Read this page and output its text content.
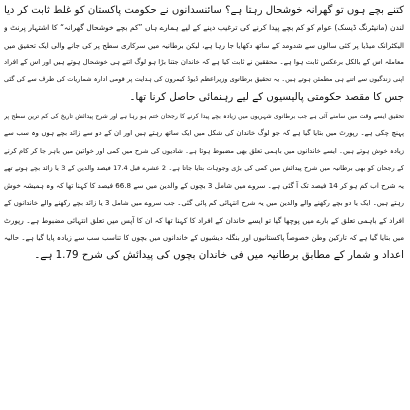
کتنے بچے ہوں تو گھرانہ خوشحال رہتا ہے؟ سائنسدانوں نے حکومت پاکستان کو غلط ثابت کر دیا
لندن (مانیٹرنگ ڈیسک) عوام کو کم بچے پیدا کرنے کی ترغیب دینے کے لیے ہمارے ہاں ”کم بچے خوشحال گھرانہ“ کا اشتہار پرنٹ و
الیکٹرانک میڈیا پر کئی سالوں سے شدومد کے ساتھ دکھایا جا رہا ہے، لیکن برطانیہ میں سرکاری سطح پر کی جانے والی ایک تحقیق میں
معاملہ اس کے بالکل برعکس ثابت ہوا ہے۔ محققین نے ثابت کیا ہے کہ خاندان جتنا بڑا ہو لوگ اتنے ہی خوشحال ہوتے ہیں اور اس کے افراد
اپنی زندگیوں سے اتنے ہی مطمئن ہوتے ہیں۔ یہ تحقیق برطانوی وزیراعظم ڈیوڈ کیمرون کی ہدایت پر قومی ادارہ شماریات کی طرف سے کی گئی
جس کا مقصد حکومتی پالیسیوں کے لیے رہنمائی حاصل کرنا تھا۔
تحقیق ایسے وقت میں سامنے آئی ہے جب برطانوی شہریوں میں زیادہ بچے پیدا کرنے کا رجحان ختم ہو رہا ہے اور شرح پیدائش تاریخ کی کم ترین سطح پر
پہنچ چکی ہے۔ رپورٹ میں بتایا گیا ہے کہ جو لوگ خاندان کی شکل میں ایک ساتھ رہتے ہیں اور ان کے دو سے زائد بچے ہوں وہ سب سے
زیادہ خوش ہوتے ہیں۔ ایسے خاندانوں میں باہمی تعلق بھی مضبوط ہوتا ہے۔ شادیوں کی شرح میں کمی اور خواتین میں باہر جا کر کام کرنے
کے رجحان کو بھی برطانیہ میں شرح پیدائش میں کمی کی بڑی وجوہات بتایا جاتا ہے۔ 2 عشرے قبل 17.4 فیصد والدین کے 3 یا زائد بچے ہوتے تھے
یہ شرح اب کم ہو کر 14 فیصد تک آ گئی ہے۔ سروے میں شامل 3 بچوں کے والدین میں سے 66.8 فیصد کا کہنا تھا کہ وہ ہمیشہ خوش
رہتے ہیں۔ ایک یا دو بچے رکھنے والے والدین میں یہ شرح انتہائی کم پائی گئی۔ جب سروے میں شامل 3 یا زائد بچے رکھنے والے خاندانوں کے
افراد کے باہمی تعلق کے بارے میں پوچھا گیا تو ایسے خاندان کے افراد کا کہنا تھا کہ ان کا آپس میں تعلق انتہائی مضبوط ہے۔ رپورٹ
میں بتایا گیا ہے کہ تارکین وطن خصوصاً پاکستانیوں اور بنگلہ دیشیوں کے خاندانوں میں بچوں کا تناسب سب سے زیادہ پایا گیا ہے۔ حالیہ
اعداد و شمار کے مطابق برطانیہ میں فی خاندان بچوں کی پیدائش کی شرح 1.79 ہے۔
